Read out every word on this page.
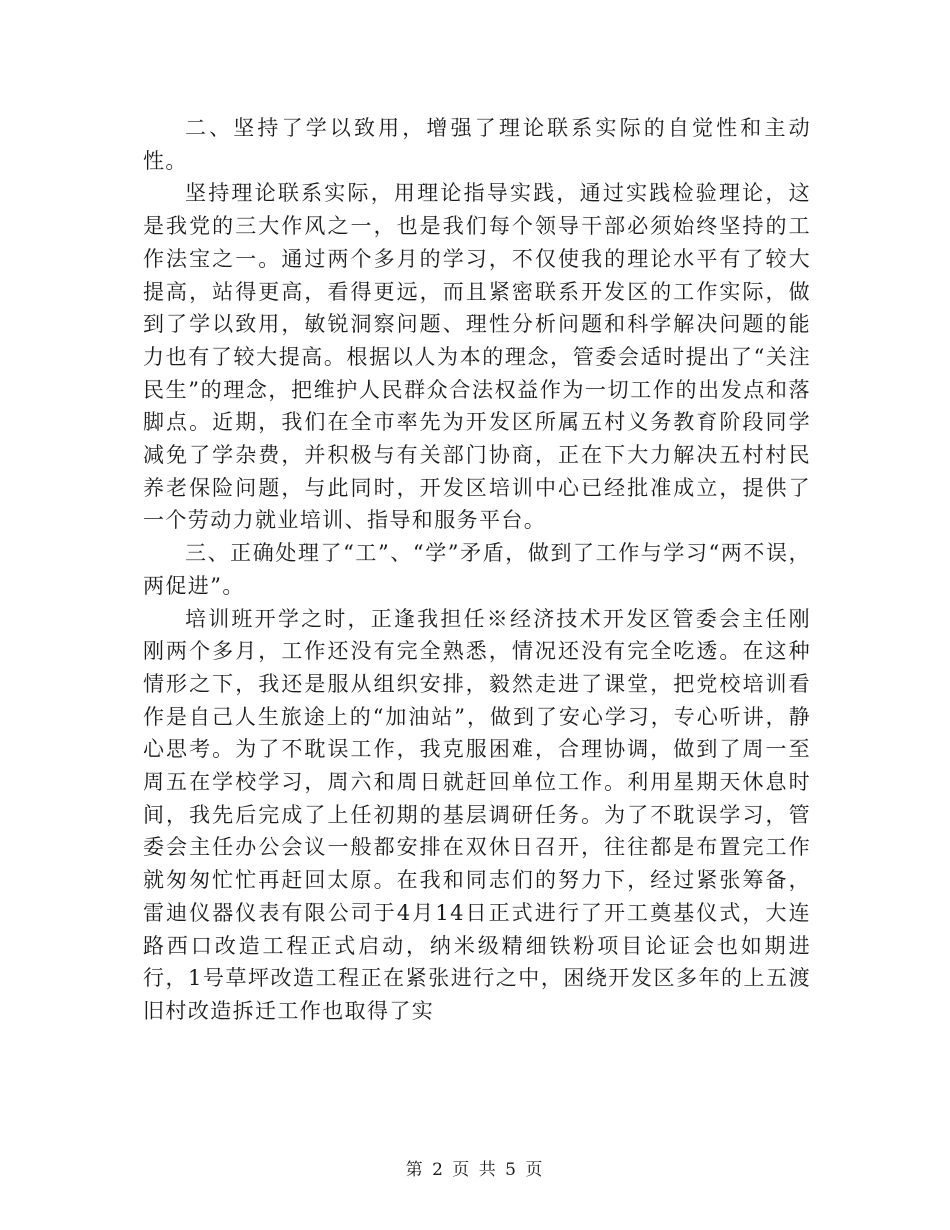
二、坚持了学以致用，增强了理论联系实际的自觉性和主动性。

坚持理论联系实际，用理论指导实践，通过实践检验理论，这是我党的三大作风之一，也是我们每个领导干部必须始终坚持的工作法宝之一。通过两个多月的学习，不仅使我的理论水平有了较大提高，站得更高，看得更远，而且紧密联系开发区的工作实际，做到了学以致用，敏锐洞察问题、理性分析问题和科学解决问题的能力也有了较大提高。根据以人为本的理念，管委会适时提出了“关注民生”的理念，把维护人民群众合法权益作为一切工作的出发点和落脚点。近期，我们在全市率先为开发区所属五村义务教育阶段同学减免了学杂费，并积极与有关部门协商，正在下大力解决五村村民养老保险问题，与此同时，开发区培训中心已经批准成立，提供了一个劳动力就业培训、指导和服务平台。

三、正确处理了“工”、“学”矛盾，做到了工作与学习“两不误，两促进”。

培训班开学之时，正逢我担任※经济技术开发区管委会主任刚刚两个多月，工作还没有完全熟悉，情况还没有完全吃透。在这种情形之下，我还是服从组织安排，毅然走进了课堂，把党校培训看作是自己人生旅途上的“加油站”，做到了安心学习，专心听讲，静心思考。为了不耽误工作，我克服困难，合理协调，做到了周一至周五在学校学习，周六和周日就赶回单位工作。利用星期天休息时间，我先后完成了上任初期的基层调研任务。为了不耽误学习，管委会主任办公会议一般都安排在双休日召开，往往都是布置完工作就匆匆忙忙再赶回太原。在我和同志们的努力下，经过紧张筹备，雷迪仪器仪表有限公司于4月14日正式进行了开工奠基仪式，大连路西口改造工程正式启动，纳米级精细铁粉项目论证会也如期进行，1号草坪改造工程正在紧张进行之中，困绕开发区多年的上五渡旧村改造拆迁工作也取得了实

第 2 页 共 5 页
